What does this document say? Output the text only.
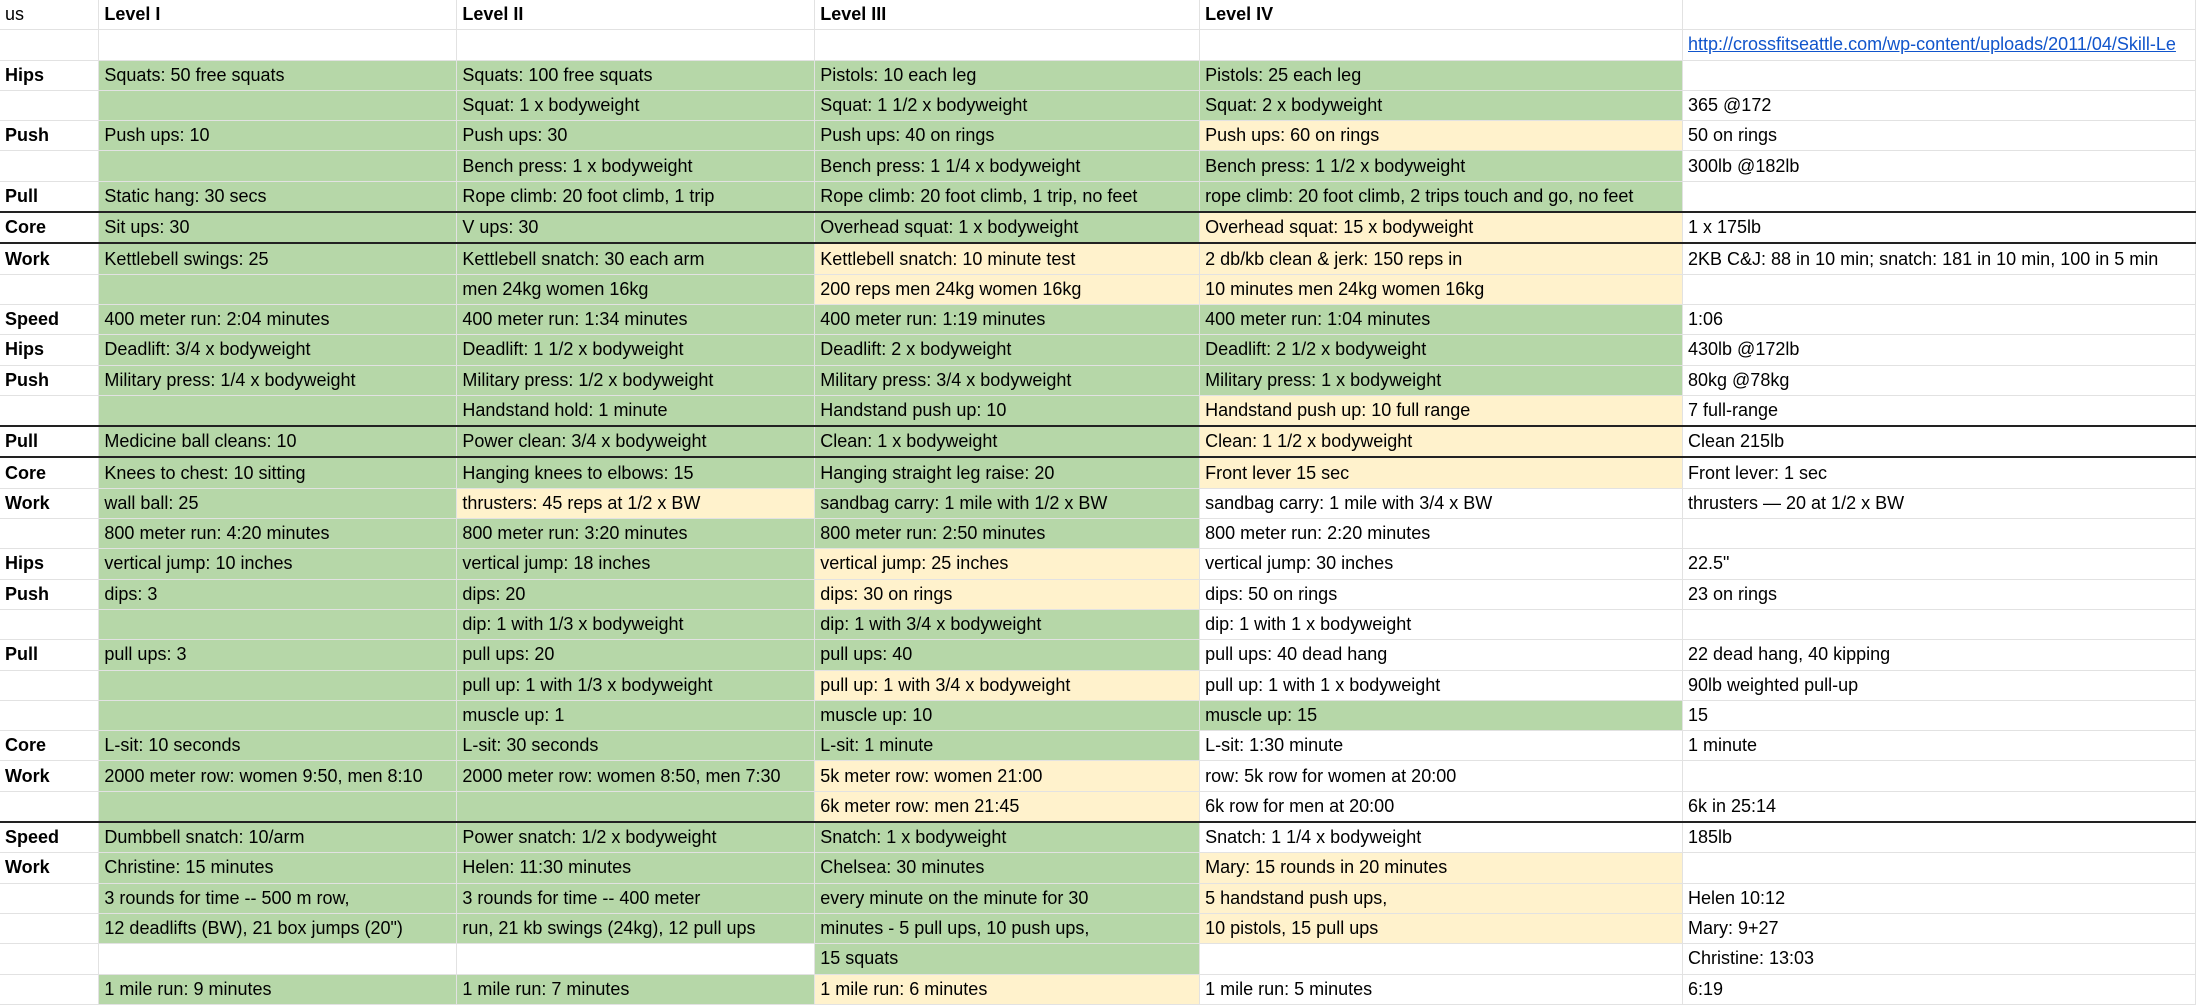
us	Level I	Level II	Level III	Level IV	
					http://crossfitseattle.com/wp-content/uploads/2011/04/Skill-Le
Hips	Squats: 50 free squats	Squats: 100 free squats	Pistols: 10 each leg	Pistols: 25 each leg	
		Squat: 1 x bodyweight	Squat: 1 1/2 x bodyweight	Squat: 2 x bodyweight	365 @172
Push	Push ups: 10	Push ups: 30	Push ups: 40 on rings	Push ups: 60 on rings	50 on rings
		Bench press: 1 x bodyweight	Bench press: 1 1/4 x bodyweight	Bench press: 1 1/2 x bodyweight	300lb @182lb
Pull	Static hang: 30 secs	Rope climb: 20 foot climb, 1 trip	Rope climb: 20 foot climb, 1 trip, no feet	rope climb: 20 foot climb, 2 trips touch and go, no feet	
Core	Sit ups: 30	V ups: 30	Overhead squat: 1 x bodyweight	Overhead squat: 15 x bodyweight	1 x 175lb
Work	Kettlebell swings: 25	Kettlebell snatch: 30 each arm	Kettlebell snatch: 10 minute test	2 db/kb clean & jerk: 150 reps in	2KB C&J: 88 in 10 min; snatch: 181 in 10 min, 100 in 5 min
		men 24kg women 16kg	200 reps men 24kg women 16kg	10 minutes men 24kg women 16kg	
Speed	400 meter run: 2:04 minutes	400 meter run: 1:34 minutes	400 meter run: 1:19 minutes	400 meter run: 1:04 minutes	1:06
Hips	Deadlift: 3/4 x bodyweight	Deadlift: 1 1/2 x bodyweight	Deadlift: 2 x bodyweight	Deadlift: 2 1/2 x bodyweight	430lb @172lb
Push	Military press: 1/4 x bodyweight	Military press: 1/2 x bodyweight	Military press: 3/4 x bodyweight	Military press: 1 x bodyweight	80kg @78kg
		Handstand hold: 1 minute	Handstand push up: 10	Handstand push up: 10 full range	7 full-range
Pull	Medicine ball cleans: 10	Power clean: 3/4 x bodyweight	Clean: 1 x bodyweight	Clean: 1 1/2 x bodyweight	Clean 215lb
Core	Knees to chest: 10 sitting	Hanging knees to elbows: 15	Hanging straight leg raise: 20	Front lever 15 sec	Front lever: 1 sec
Work	wall ball: 25	thrusters: 45 reps at 1/2 x BW	sandbag carry: 1 mile with 1/2 x BW	sandbag carry: 1 mile with 3/4 x BW	thrusters — 20 at 1/2 x BW
	800 meter run: 4:20 minutes	800 meter run: 3:20 minutes	800 meter run: 2:50 minutes	800 meter run: 2:20 minutes	
Hips	vertical jump: 10 inches	vertical jump: 18 inches	vertical jump: 25 inches	vertical jump: 30 inches	22.5"
Push	dips: 3	dips: 20	dips: 30 on rings	dips: 50 on rings	23 on rings
		dip: 1 with 1/3 x bodyweight	dip: 1 with 3/4 x bodyweight	dip: 1 with 1 x bodyweight	
Pull	pull ups: 3	pull ups: 20	pull ups: 40	pull ups: 40 dead hang	22 dead hang, 40 kipping
		pull up: 1 with 1/3 x bodyweight	pull up: 1 with 3/4 x bodyweight	pull up: 1 with 1 x bodyweight	90lb weighted pull-up
		muscle up: 1	muscle up: 10	muscle up: 15	15
Core	L-sit: 10 seconds	L-sit: 30 seconds	L-sit: 1 minute	L-sit: 1:30 minute	1 minute
Work	2000 meter row: women 9:50, men 8:10	2000 meter row: women 8:50, men 7:30	5k meter row: women 21:00	row: 5k row for women at 20:00	
			6k meter row: men 21:45	6k row for men at 20:00	6k in 25:14
Speed	Dumbbell snatch: 10/arm	Power snatch: 1/2 x bodyweight	Snatch: 1 x bodyweight	Snatch: 1 1/4 x bodyweight	185lb
Work	Christine: 15 minutes	Helen: 11:30 minutes	Chelsea: 30 minutes	Mary: 15 rounds in 20 minutes	
	3 rounds for time -- 500 m row,	3 rounds for time -- 400 meter	every minute on the minute for 30	5 handstand push ups,	Helen 10:12
	12 deadlifts (BW), 21 box jumps (20")	run, 21 kb swings (24kg), 12 pull ups	minutes - 5 pull ups, 10 push ups,	10 pistols, 15 pull ups	Mary: 9+27
			15 squats		Christine: 13:03
	1 mile run: 9 minutes	1 mile run: 7 minutes	1 mile run: 6 minutes	1 mile run: 5 minutes	6:19
